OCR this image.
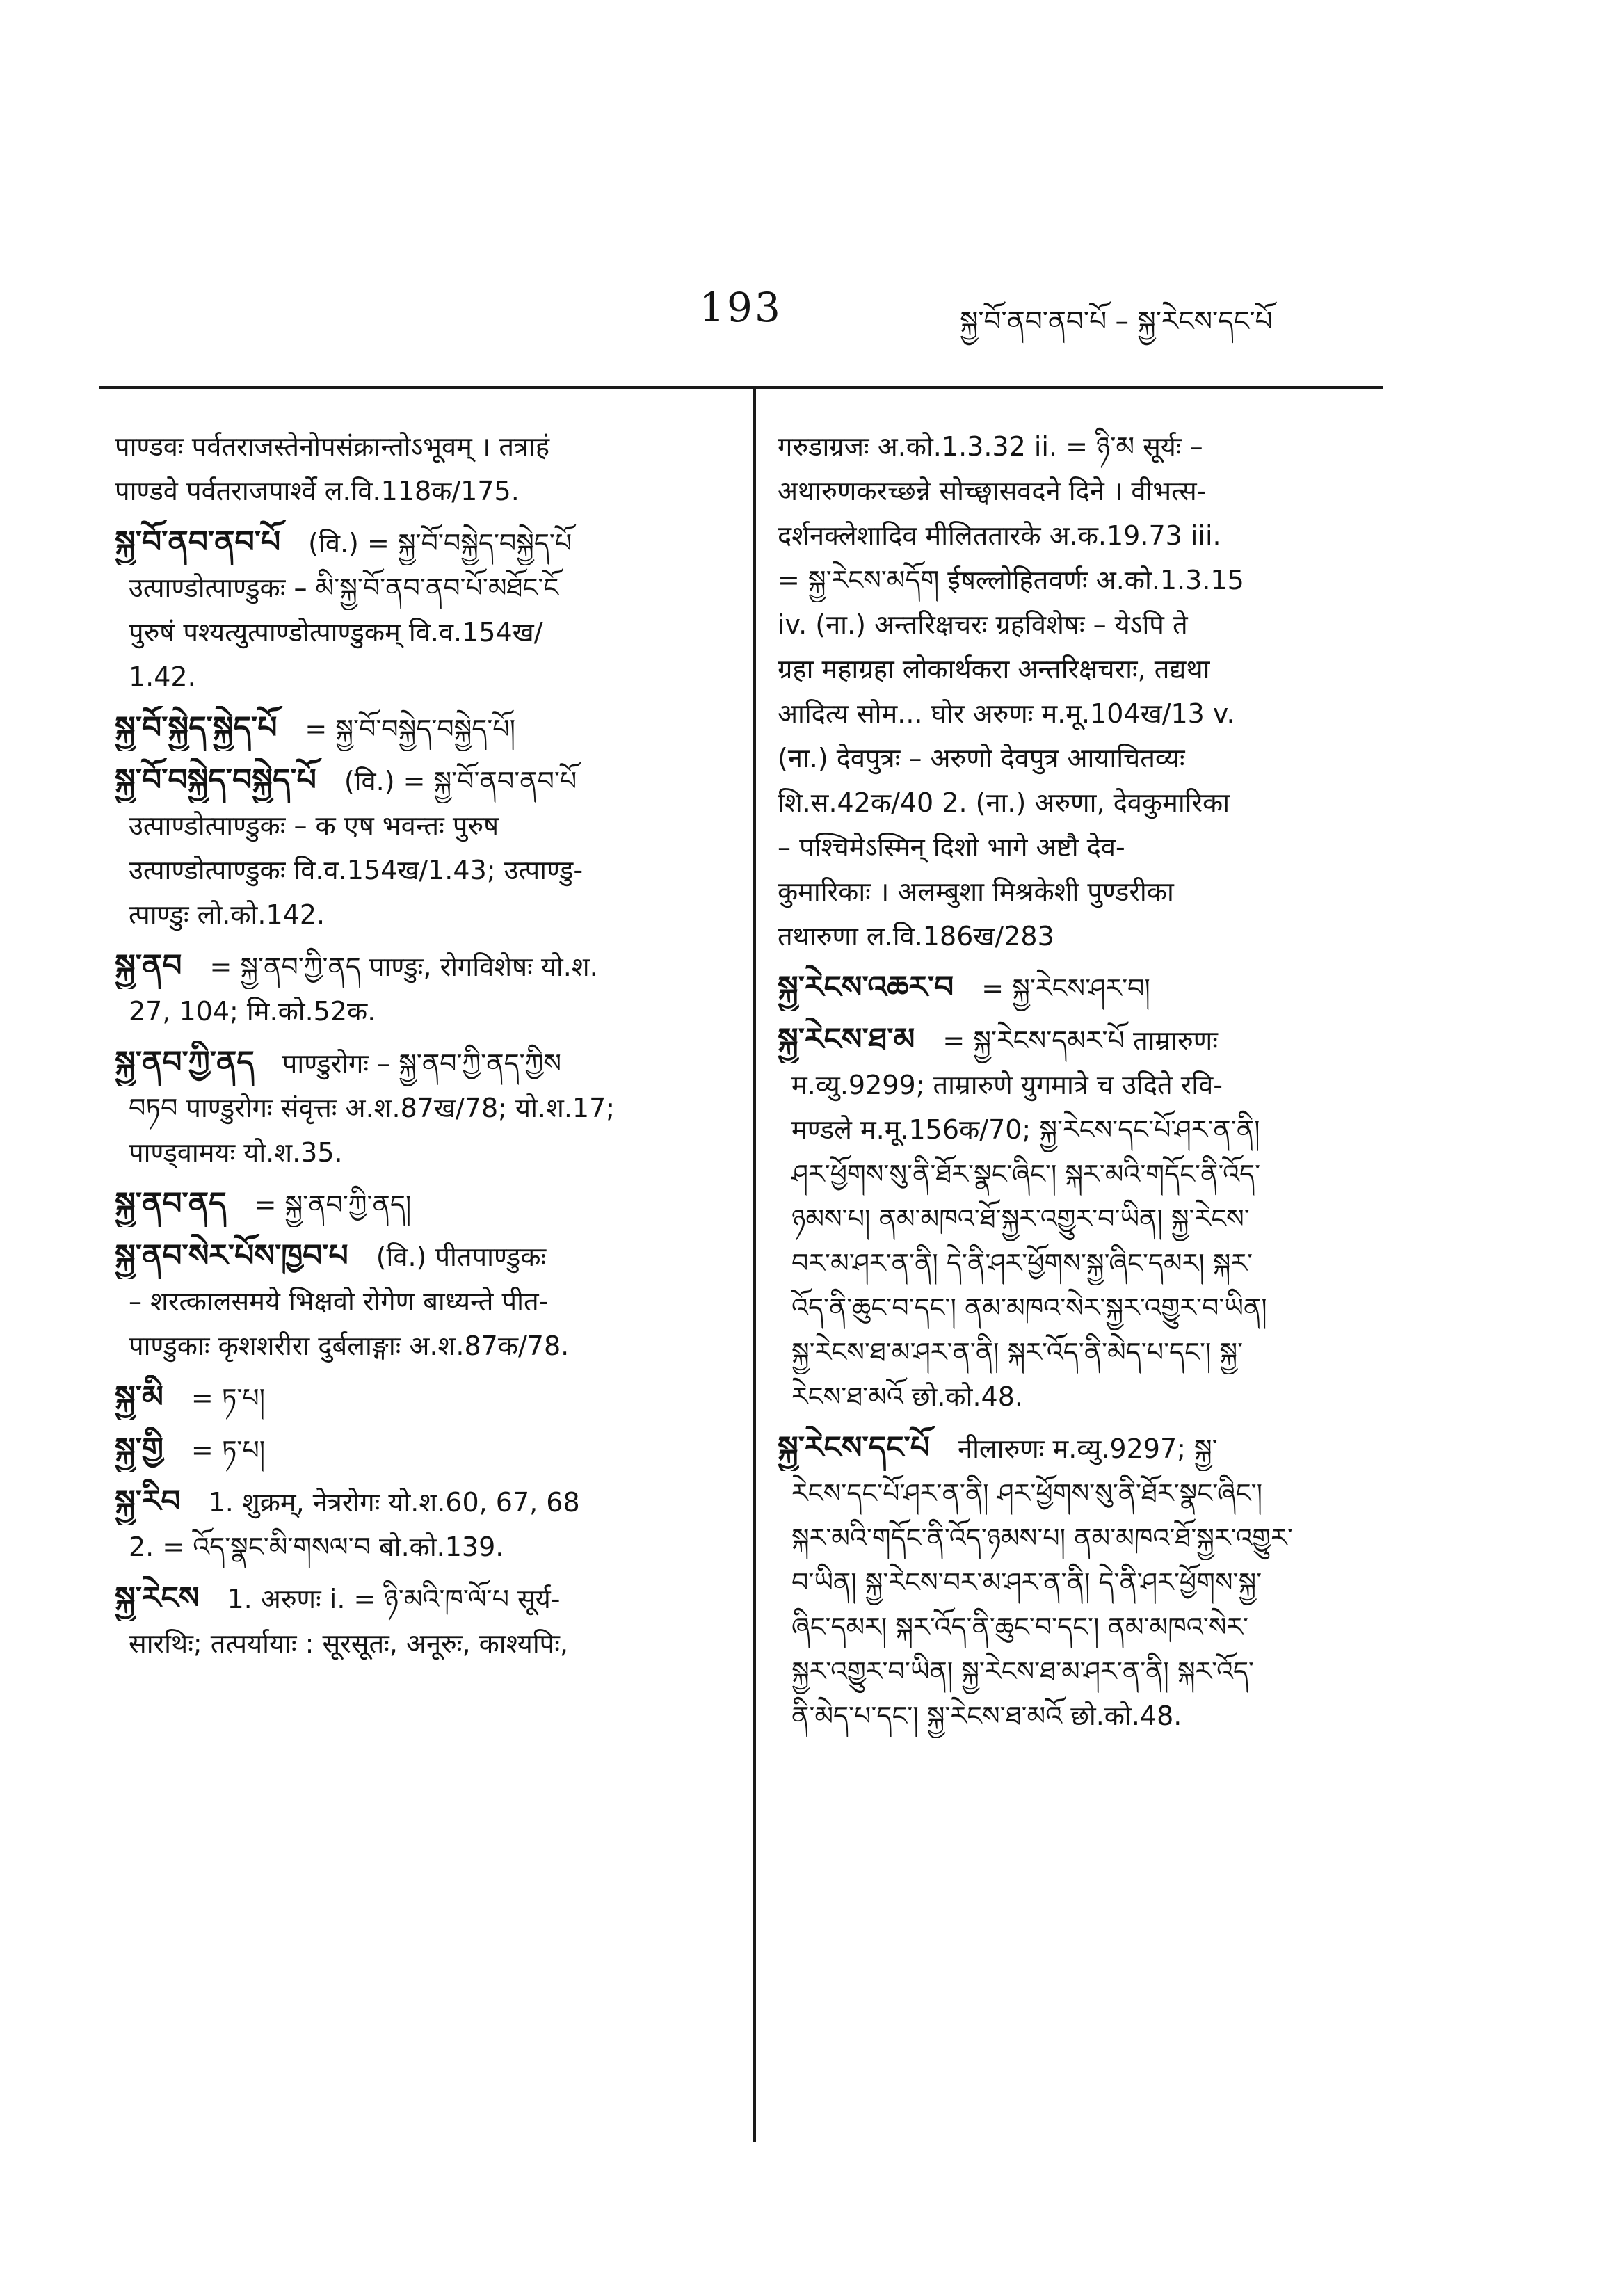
193	སྐྱ་བོ་ནབ་ནབ་པོ – སྐྱ་རེངས་དང་པོ
पाण्डवः पर्वतराजस्तेनोपसंक्रान्तोऽभूवम् । तत्राहं
पाण्डवे पर्वतराजपार्श्वे ल.वि.118क/175.
སྐྱ་བོ་ནབ་ནབ་པོ (वि.) = སྐྱ་བོ་བསྐྱེད་བསྐྱེད་པོ
उत्पाण्डोत्पाण्डुकः – མི་སྐྱ་བོ་ནབ་ནབ་པོ་མཐོང་ངོ
पुरुषं पश्यत्युत्पाण्डोत्पाण्डुकम् वि.व.154ख/
1.42.
སྐྱ་བོ་སྐྱེད་སྐྱེད་པོ = སྐྱ་བོ་བསྐྱེད་བསྐྱེད་པོ།
སྐྱ་བོ་བསྐྱེད་བསྐྱེད་པོ (वि.) = སྐྱ་བོ་ནབ་ནབ་པོ
उत्पाण्डोत्पाण्डुकः – क एष भवन्तः पुरुष
उत्पाण्डोत्पाण्डुकः वि.व.154ख/1.43; उत्पाण्डु-
त्पाण्डुः लो.को.142.
སྐྱ་ནབ = སྐྱ་ནབ་ཀྱི་ནད पाण्डुः, रोगविशेषः यो.श.
27, 104; मि.को.52क.
སྐྱ་ནབ་ཀྱི་ནད पाण्डुरोगः – སྐྱ་ནབ་ཀྱི་ནད་ཀྱིས
བཏབ पाण्डुरोगः संवृत्तः अ.श.87ख/78; यो.श.17;
पाण्ड्वामयः यो.श.35.
སྐྱ་ནབ་ནད = སྐྱ་ནབ་ཀྱི་ནད།
སྐྱ་ནབ་སེར་པོས་ཁྱབ་པ (वि.) पीतपाण्डुकः
– शरत्कालसमये भिक्षवो रोगेण बाध्यन्ते पीत-
पाण्डुकाः कृशशरीरा दुर्बलाङ्गाः अ.श.87क/78.
སྐྱ་མི = ཏ་པ།
སྐྱ་གྱི = ཏ་པ།
སྐྱ་རིབ 1. शुक्रम्, नेत्ररोगः यो.श.60, 67, 68
2. = འོད་སྣང་མི་གསལ་བ बो.को.139.
སྐྱ་རེངས 1. अरुणः i. = ཉི་མའི་ཁ་ལོ་པ सूर्य-
सारथिः; तत्पर्यायाः : सूरसूतः, अनूरुः, काश्यपिः,
गरुडाग्रजः अ.को.1.3.32 ii. = ཉི་མ सूर्यः –
अथारुणकरच्छन्ने सोच्छ्वासवदने दिने । वीभत्स-
दर्शनक्लेशादिव मीलिततारके अ.क.19.73 iii.
= སྐྱ་རེངས་མདོག ईषल्लोहितवर्णः अ.को.1.3.15
iv. (ना.) अन्तरिक्षचरः ग्रहविशेषः – येऽपि ते
ग्रहा महाग्रहा लोकार्थकरा अन्तरिक्षचराः, तद्यथा
आदित्य सोम... घोर अरुणः म.मू.104ख/13 v.
(ना.) देवपुत्रः – अरुणो देवपुत्र आयाचितव्यः
शि.स.42क/40 2. (ना.) अरुणा, देवकुमारिका
– पश्चिमेऽस्मिन् दिशो भागे अष्टौ देव-
कुमारिकाः । अलम्बुशा मिश्रकेशी पुण्डरीका
तथारुणा ल.वि.186ख/283
སྐྱ་རེངས་འཆར་བ = སྐྱ་རེངས་ཤར་བ།
སྐྱ་རེངས་ཐ་མ = སྐྱ་རེངས་དམར་པོ ताम्रारुणः
म.व्यु.9299; ताम्रारुणे युगमात्रे च उदिते रवि-
मण्डले म.मू.156क/70; སྐྱ་རེངས་དང་པོ་ཤར་ན་ནི།
ཤར་ཕྱོགས་སུ་ནི་ཐོར་སྣང་ཞིང་། སྐར་མའི་གདོང་ནི་འོད་
ཉམས་པ། ནམ་མཁའ་ཐོ་སྐྱར་འགྱུར་བ་ཡིན། སྐྱ་རེངས་
བར་མ་ཤར་ན་ནི། དེ་ནི་ཤར་ཕྱོགས་སྐྱ་ཞིང་དམར། སྐར་
འོད་ནི་ཆུང་བ་དང་། ནམ་མཁའ་སེར་སྐྱར་འགྱུར་བ་ཡིན།
སྐྱ་རེངས་ཐ་མ་ཤར་ན་ནི། སྐར་འོད་ནི་མེད་པ་དང་། སྐྱ་
རེངས་ཐ་མའོ छो.को.48.
སྐྱ་རེངས་དང་པོ नीलारुणः म.व्यु.9297; སྐྱ་
རེངས་དང་པོ་ཤར་ན་ནི། ཤར་ཕྱོགས་སུ་ནི་ཐོར་སྣང་ཞིང་།
སྐར་མའི་གདོང་ནི་འོད་ཉམས་པ། ནམ་མཁའ་ཐོ་སྐྱར་འགྱུར་
བ་ཡིན། སྐྱ་རེངས་བར་མ་ཤར་ན་ནི། དེ་ནི་ཤར་ཕྱོགས་སྐྱ་
ཞིང་དམར། སྐར་འོད་ནི་ཆུང་བ་དང་། ནམ་མཁའ་སེར་
སྐྱར་འགྱུར་བ་ཡིན། སྐྱ་རེངས་ཐ་མ་ཤར་ན་ནི། སྐར་འོད་
ནི་མེད་པ་དང་། སྐྱ་རེངས་ཐ་མའོ छो.को.48.
